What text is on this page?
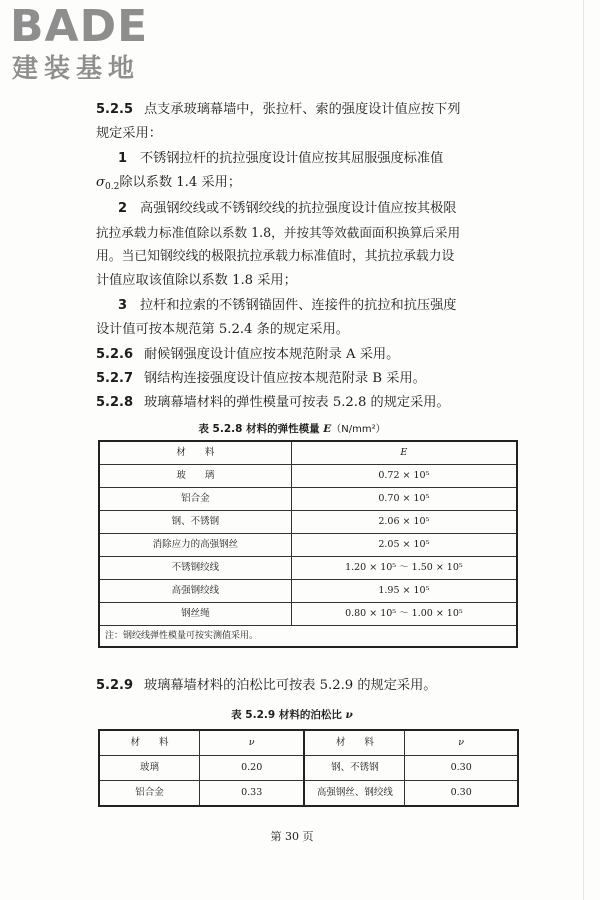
BADE
建装基地
5.2.5 点支承玻璃幕墙中，张拉杆、索的强度设计值应按下列
规定采用：
1 不锈钢拉杆的抗拉强度设计值应按其屈服强度标准值
$\sigma_{0.2}$除以系数 1.4 采用；
2 高强钢绞线或不锈钢绞线的抗拉强度设计值应按其极限
抗拉承载力标准值除以系数 1.8，并按其等效截面面积换算后采用
用。当已知钢绞线的极限抗拉承载力标准值时，其抗拉承载力设
计值应取该值除以系数 1.8 采用；
3 拉杆和拉索的不锈钢锚固件、连接件的抗拉和抗压强度
设计值可按本规范第 5.2.4 条的规定采用。
5.2.6 耐候钢强度设计值应按本规范附录 A 采用。
5.2.7 钢结构连接强度设计值应按本规范附录 B 采用。
5.2.8 玻璃幕墙材料的弹性模量可按表 5.2.8 的规定采用。
表 5.2.8 材料的弹性模量 E（N/mm²）
材　　料	E
玻　　璃	0.72 × 10⁵
铝合金	0.70 × 10⁵
钢、不锈钢	2.06 × 10⁵
消除应力的高强钢丝	2.05 × 10⁵
不锈钢绞线	1.20 × 10⁵ ～ 1.50 × 10⁵
高强钢绞线	1.95 × 10⁵
钢丝绳	0.80 × 10⁵ ～ 1.00 × 10⁵
注：钢绞线弹性模量可按实测值采用。	
5.2.9 玻璃幕墙材料的泊松比可按表 5.2.9 的规定采用。
表 5.2.9 材料的泊松比 ν
材　　料	ν	材　　料	ν
玻璃	0.20	钢、不锈钢	0.30
铝合金	0.33	高强钢丝、钢绞线	0.30
第 30 页
